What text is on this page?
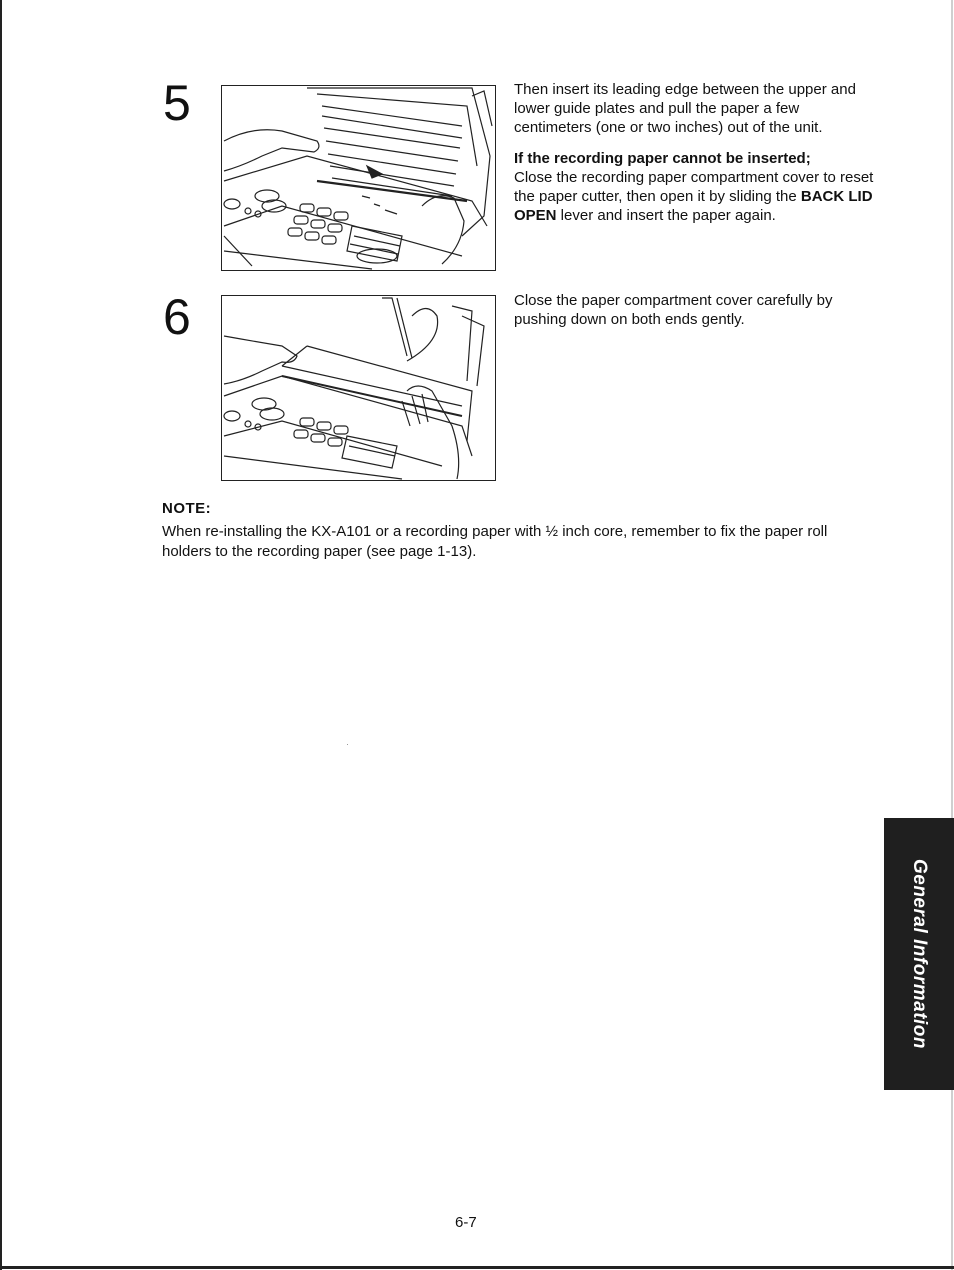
5	Then insert its leading edge between the upper and lower guide plates and pull the paper a few centimeters (one or two inches) out of the unit.

If the recording paper cannot be inserted;

Close the recording paper compartment cover to reset the paper cutter, then open it by sliding the BACK LID OPEN lever and insert the paper again.

6	Close the paper compartment cover carefully by pushing down on both ends gently.

NOTE:
When re-installing the KX-A101 or a recording paper with ½ inch core, remember to fix the paper roll holders to the recording paper (see page 1-13).
General Information
6-7
